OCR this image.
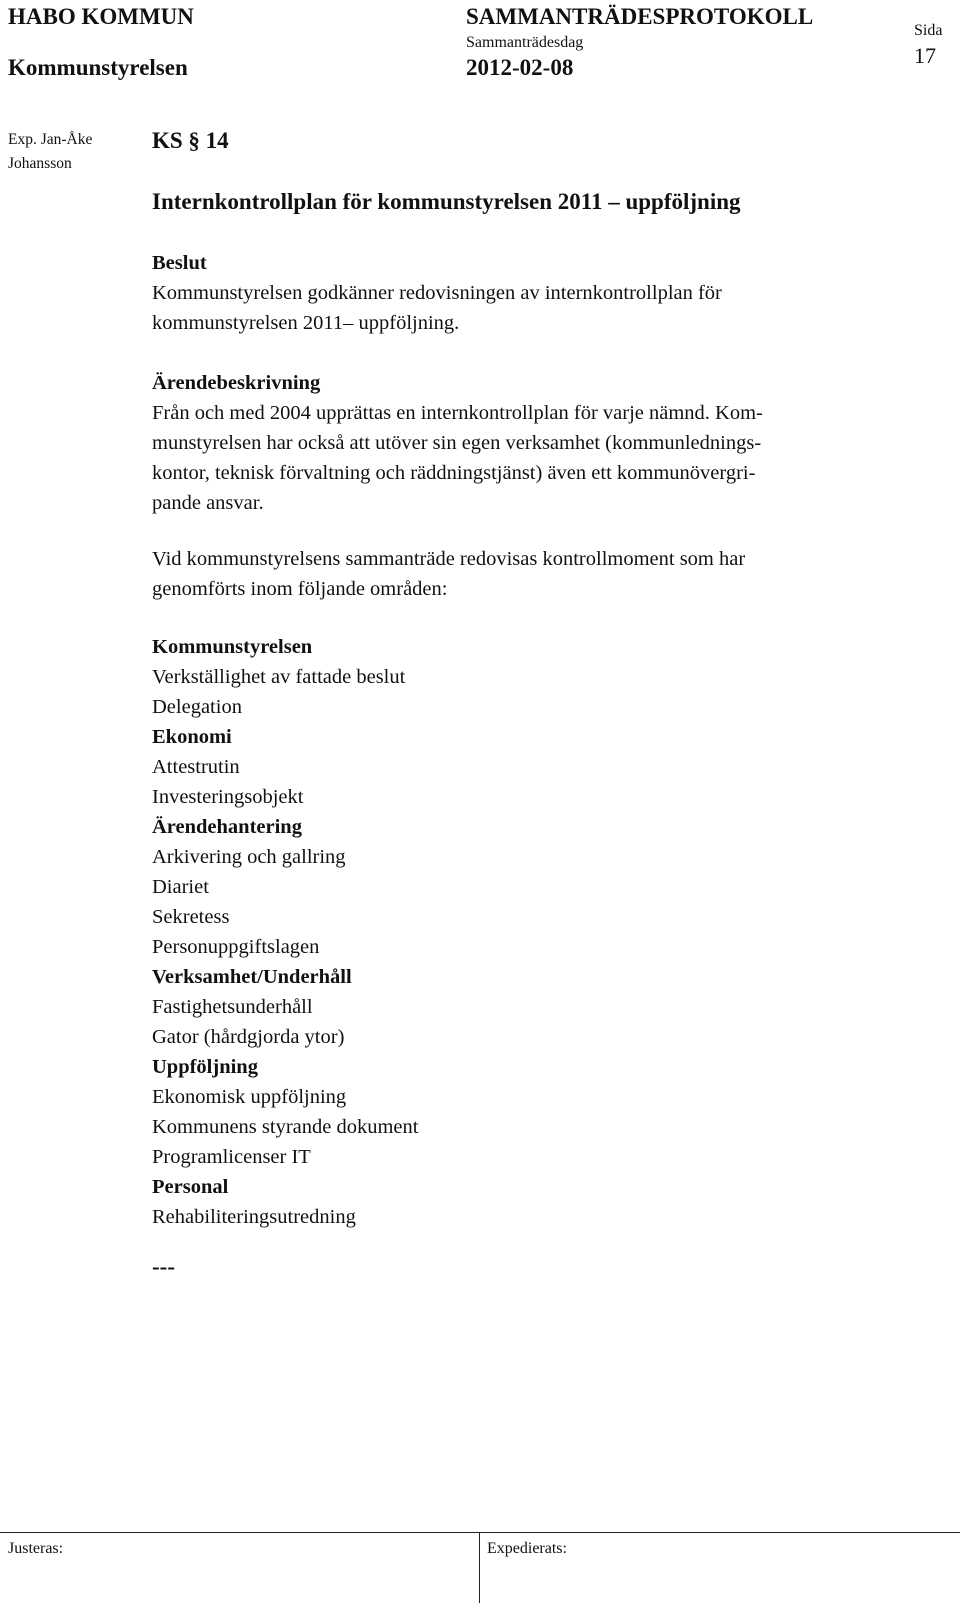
HABO KOMMUN
Kommunstyrelsen
SAMMANTRÄDESPROTOKOLL
Sammanträdesdag
2012-02-08
Sida
17
Exp. Jan-Åke
Johansson
KS § 14
Internkontrollplan för kommunstyrelsen 2011 – uppföljning
Beslut
Kommunstyrelsen godkänner redovisningen av internkontrollplan för
kommunstyrelsen 2011– uppföljning.
Ärendebeskrivning
Från och med 2004 upprättas en internkontrollplan för varje nämnd. Kom-
munstyrelsen har också att utöver sin egen verksamhet (kommunlednings-
kontor, teknisk förvaltning och räddningstjänst) även ett kommunövergri-
pande ansvar.
Vid kommunstyrelsens sammanträde redovisas kontrollmoment som har
genomförts inom följande områden:
Kommunstyrelsen
Verkställighet av fattade beslut
Delegation
Ekonomi
Attestrutin
Investeringsobjekt
Ärendehantering
Arkivering och gallring
Diariet
Sekretess
Personuppgiftslagen
Verksamhet/Underhåll
Fastighetsunderhåll
Gator (hårdgjorda ytor)
Uppföljning
Ekonomisk uppföljning
Kommunens styrande dokument
Programlicenser IT
Personal
Rehabiliteringsutredning
---
Justeras:	Expedierats:
